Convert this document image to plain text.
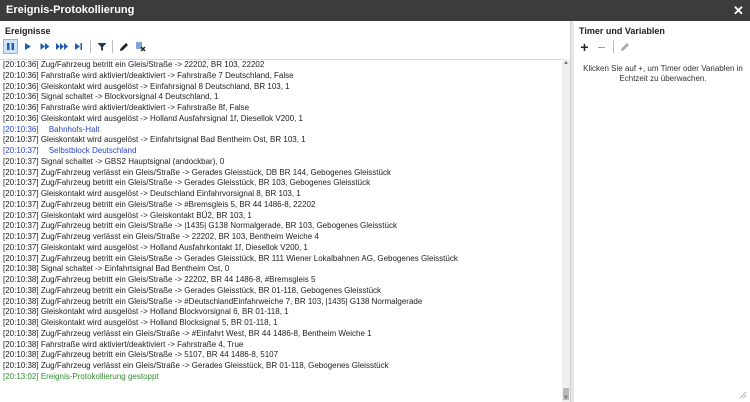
Ereignis-Protokollierung	✕
Ereignisse
[20:10:36] Zug/Fahrzeug betritt ein Gleis/Straße -> 22202, BR 103, 22202
[20:10:36] Fahrstraße wird aktiviert/deaktiviert -> Fahrstraße 7 Deutschland, False
[20:10:36] Gleiskontakt wird ausgelöst -> Einfahrsignal 8 Deutschland, BR 103, 1
[20:10:36] Signal schaltet -> Blockvorsignal 4 Deutschland, 1
[20:10:36] Fahrstraße wird aktiviert/deaktiviert -> Fahrstraße 8f, False
[20:10:36] Gleiskontakt wird ausgelöst -> Holland Ausfahrsignal 1f, Diesellok V200, 1
[20:10:36] Bahnhofs-Halt
[20:10:37] Gleiskontakt wird ausgelöst -> Einfahrtsignal Bad Bentheim Ost, BR 103, 1
[20:10:37] Selbstblock Deutschland
[20:10:37] Signal schaltet -> GBS2 Hauptsignal (andockbar), 0
[20:10:37] Zug/Fahrzeug verlässt ein Gleis/Straße -> Gerades Gleisstück, DB BR 144, Gebogenes Gleisstück
[20:10:37] Zug/Fahrzeug betritt ein Gleis/Straße -> Gerades Gleisstück, BR 103, Gebogenes Gleisstück
[20:10:37] Gleiskontakt wird ausgelöst -> Deutschland Einfahrvorsignal 8, BR 103, 1
[20:10:37] Zug/Fahrzeug betritt ein Gleis/Straße -> #Bremsgleis 5, BR 44 1486-8, 22202
[20:10:37] Gleiskontakt wird ausgelöst -> Gleiskontakt BÜ2, BR 103, 1
[20:10:37] Zug/Fahrzeug betritt ein Gleis/Straße -> |1435| G138 Normalgerade, BR 103, Gebogenes Gleisstück
[20:10:37] Zug/Fahrzeug verlässt ein Gleis/Straße -> 22202, BR 103, Bentheim Weiche 4
[20:10:37] Gleiskontakt wird ausgelöst -> Holland Ausfahrkontakt 1f, Diesellok V200, 1
[20:10:37] Zug/Fahrzeug betritt ein Gleis/Straße -> Gerades Gleisstück, BR 111 Wiener Lokalbahnen AG, Gebogenes Gleisstück
[20:10:38] Signal schaltet -> Einfahrtsignal Bad Bentheim Ost, 0
[20:10:38] Zug/Fahrzeug betritt ein Gleis/Straße -> 22202, BR 44 1486-8, #Bremsgleis 5
[20:10:38] Zug/Fahrzeug betritt ein Gleis/Straße -> Gerades Gleisstück, BR 01-118, Gebogenes Gleisstück
[20:10:38] Zug/Fahrzeug betritt ein Gleis/Straße -> #DeutschlandEinfahrweiche 7, BR 103, |1435| G138 Normalgerade
[20:10:38] Gleiskontakt wird ausgelöst -> Holland Blockvorsignal 6, BR 01-118, 1
[20:10:38] Gleiskontakt wird ausgelöst -> Holland Blocksignal 5, BR 01-118, 1
[20:10:38] Zug/Fahrzeug verlässt ein Gleis/Straße -> #Einfahrt West, BR 44 1486-8, Bentheim Weiche 1
[20:10:38] Fahrstraße wird aktiviert/deaktiviert -> Fahrstraße 4, True
[20:10:38] Zug/Fahrzeug betritt ein Gleis/Straße -> 5107, BR 44 1486-8, 5107
[20:10:38] Zug/Fahrzeug verlässt ein Gleis/Straße -> Gerades Gleisstück, BR 01-118, Gebogenes Gleisstück
[20:13:02] Ereignis-Protokollierung gestoppt
▲
▼
Timer und Variablen
+ −
Klicken Sie auf +, um Timer oder Variablen in Echtzeit zu überwachen.
